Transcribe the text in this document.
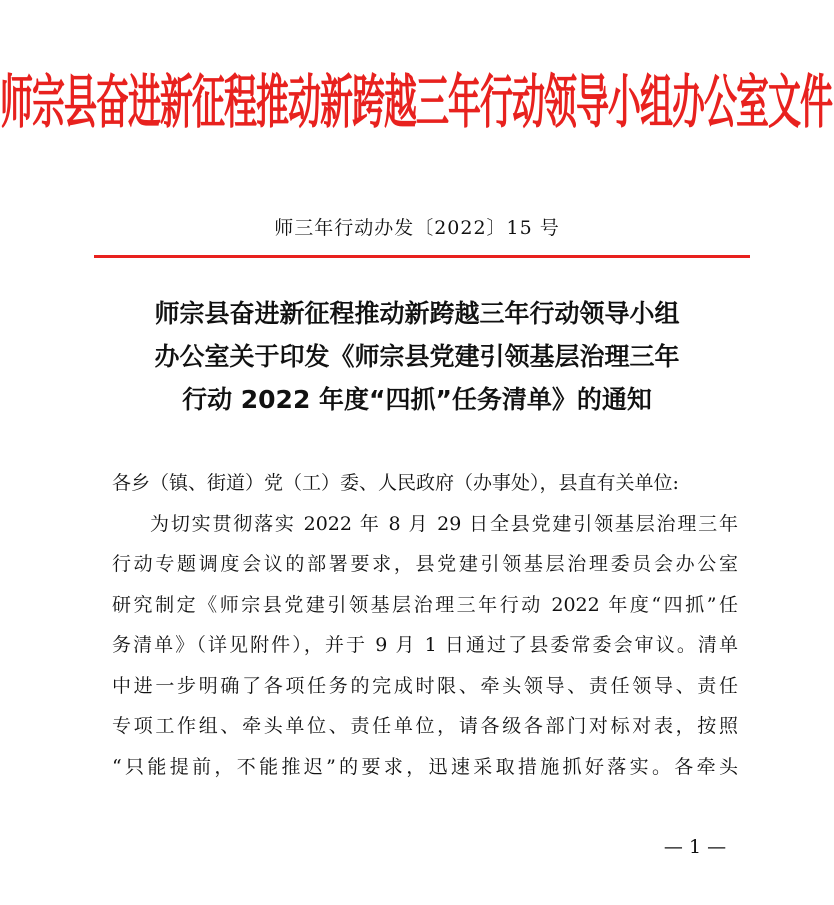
师宗县奋进新征程推动新跨越三年行动领导小组办公室文件
师三年行动办发〔2022〕15 号
师宗县奋进新征程推动新跨越三年行动领导小组
办公室关于印发《师宗县党建引领基层治理三年
行动 2022 年度“四抓”任务清单》的通知
各乡（镇、街道）党（工）委、人民政府（办事处），县直有关单位:
为切实贯彻落实 2022 年 8 月 29 日全县党建引领基层治理三年
行动专题调度会议的部署要求，县党建引领基层治理委员会办公室
研究制定《师宗县党建引领基层治理三年行动 2022 年度“四抓”任
务清单》（详见附件），并于 9 月 1 日通过了县委常委会审议。清单
中进一步明确了各项任务的完成时限、牵头领导、责任领导、责任
专项工作组、牵头单位、责任单位，请各级各部门对标对表，按照
“只能提前，不能推迟”的要求，迅速采取措施抓好落实。各牵头
— 1 —
